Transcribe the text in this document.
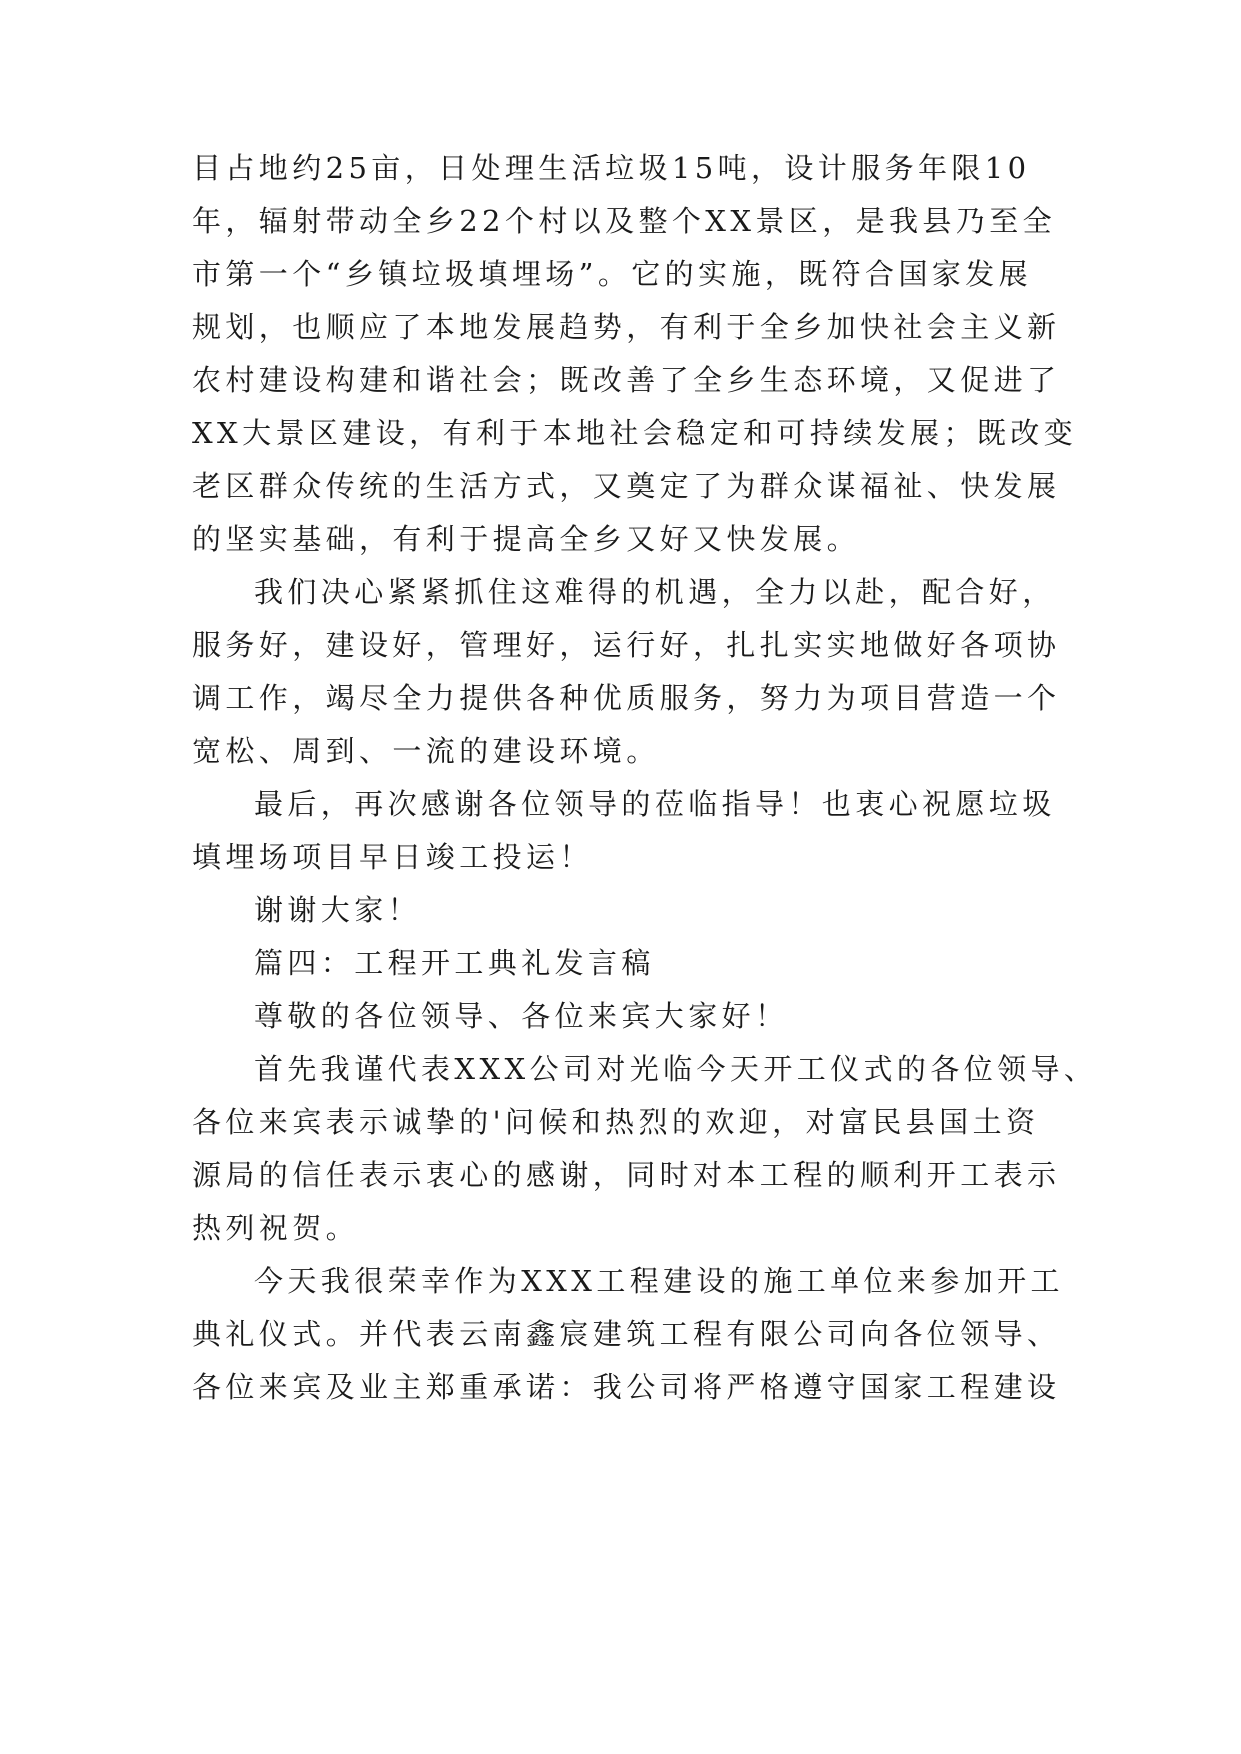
目占地约25亩，日处理生活垃圾15吨，设计服务年限10
年，辐射带动全乡22个村以及整个XX景区，是我县乃至全
市第一个“乡镇垃圾填埋场”。它的实施，既符合国家发展
规划，也顺应了本地发展趋势，有利于全乡加快社会主义新
农村建设构建和谐社会；既改善了全乡生态环境，又促进了
XX大景区建设，有利于本地社会稳定和可持续发展；既改变
老区群众传统的生活方式，又奠定了为群众谋福祉、快发展
的坚实基础，有利于提高全乡又好又快发展。
我们决心紧紧抓住这难得的机遇，全力以赴，配合好，
服务好，建设好，管理好，运行好，扎扎实实地做好各项协
调工作，竭尽全力提供各种优质服务，努力为项目营造一个
宽松、周到、一流的建设环境。
最后，再次感谢各位领导的莅临指导！也衷心祝愿垃圾
填埋场项目早日竣工投运！
谢谢大家！
篇四：工程开工典礼发言稿
尊敬的各位领导、各位来宾大家好！
首先我谨代表XXX公司对光临今天开工仪式的各位领导、
各位来宾表示诚挚的'问候和热烈的欢迎，对富民县国土资
源局的信任表示衷心的感谢，同时对本工程的顺利开工表示
热列祝贺。
今天我很荣幸作为XXX工程建设的施工单位来参加开工
典礼仪式。并代表云南鑫宸建筑工程有限公司向各位领导、
各位来宾及业主郑重承诺：我公司将严格遵守国家工程建设
